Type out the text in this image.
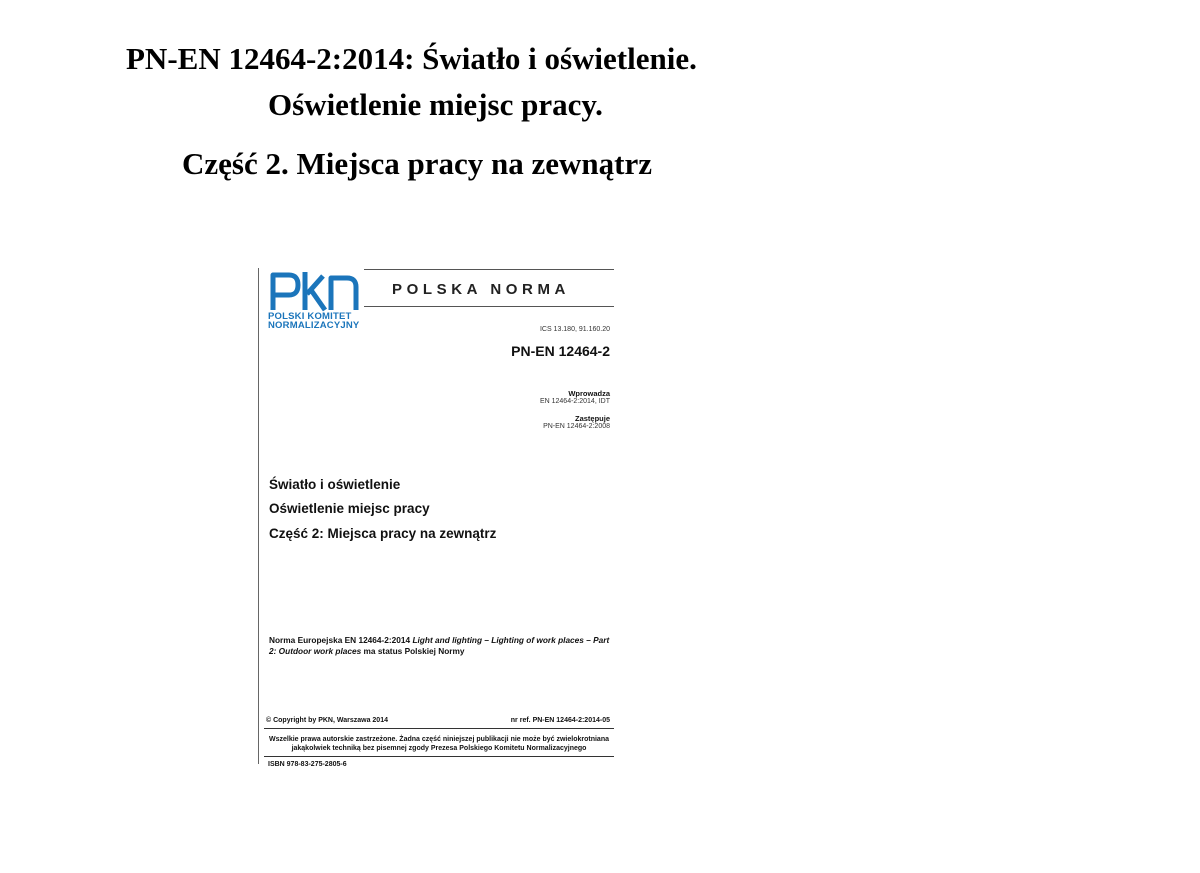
PN-EN 12464-2:2014: Światło i oświetlenie.
Oświetlenie miejsc pracy.
Część 2. Miejsca pracy na zewnątrz
POLSKI KOMITET
NORMALIZACYJNY
POLSKA NORMA
ICS 13.180, 91.160.20
PN-EN 12464-2
Wprowadza
EN 12464-2:2014, IDT
Zastępuje
PN-EN 12464-2:2008
Światło i oświetlenie
Oświetlenie miejsc pracy
Część 2: Miejsca pracy na zewnątrz
Norma Europejska EN 12464-2:2014 Light and lighting – Lighting of work places – Part 2: Outdoor work places ma status Polskiej Normy
© Copyright by PKN, Warszawa 2014	nr ref. PN-EN 12464-2:2014-05
Wszelkie prawa autorskie zastrzeżone. Żadna część niniejszej publikacji nie może być zwielokrotniana
jakąkolwiek techniką bez pisemnej zgody Prezesa Polskiego Komitetu Normalizacyjnego
ISBN 978-83-275-2805-6
